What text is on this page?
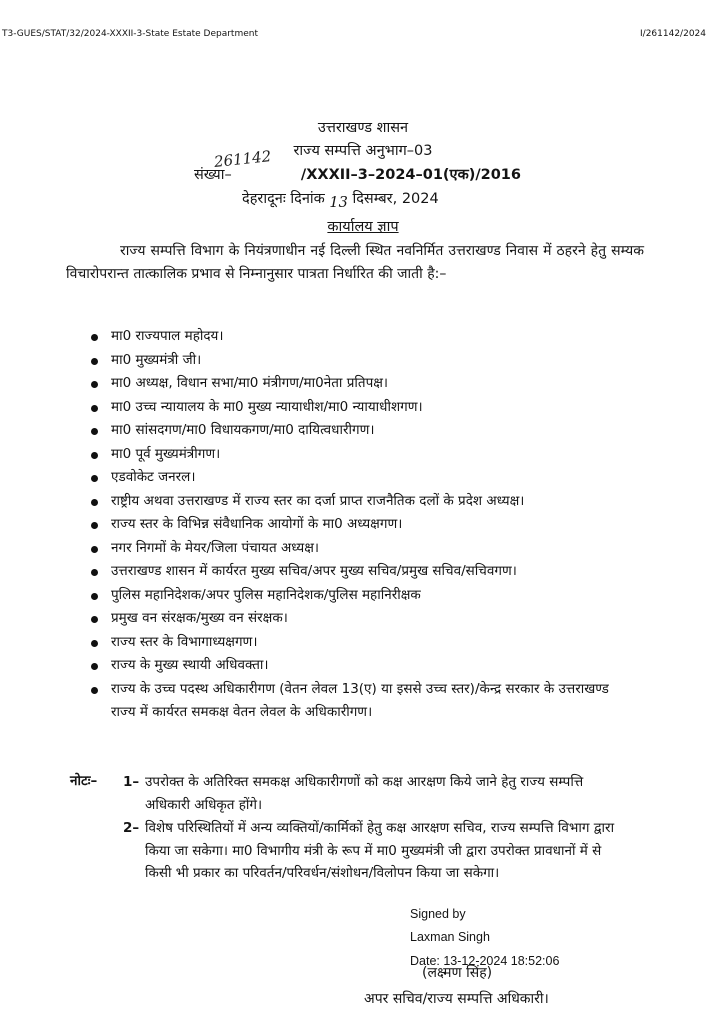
T3-GUES/STAT/32/2024-XXXII-3-State Estate Department	I/261142/2024
उत्तराखण्ड शासन
राज्य सम्पत्ति अनुभाग–03
संख्या–	/XXXII–3–2024–01(एक)/2016
261142
देहरादूनः दिनांक 13 दिसम्बर, 2024
कार्यालय ज्ञाप
राज्य सम्पत्ति विभाग के नियंत्रणाधीन नई दिल्ली स्थित नवनिर्मित उत्तराखण्ड निवास में ठहरने हेतु सम्यक विचारोपरान्त तात्कालिक प्रभाव से निम्नानुसार पात्रता निर्धारित की जाती है:–
मा0 राज्यपाल महोदय।
मा0 मुख्यमंत्री जी।
मा0 अध्यक्ष, विधान सभा/मा0 मंत्रीगण/मा0नेता प्रतिपक्ष।
मा0 उच्च न्यायालय के मा0 मुख्य न्यायाधीश/मा0 न्यायाधीशगण।
मा0 सांसदगण/मा0 विधायकगण/मा0 दायित्वधारीगण।
मा0 पूर्व मुख्यमंत्रीगण।
एडवोकेट जनरल।
राष्ट्रीय अथवा उत्तराखण्ड में राज्य स्तर का दर्जा प्राप्त राजनैतिक दलों के प्रदेश अध्यक्ष।
राज्य स्तर के विभिन्न संवैधानिक आयोगों के मा0 अध्यक्षगण।
नगर निगमों के मेयर/जिला पंचायत अध्यक्ष।
उत्तराखण्ड शासन में कार्यरत मुख्य सचिव/अपर मुख्य सचिव/प्रमुख सचिव/सचिवगण।
पुलिस महानिदेशक/अपर पुलिस महानिदेशक/पुलिस महानिरीक्षक
प्रमुख वन संरक्षक/मुख्य वन संरक्षक।
राज्य स्तर के विभागाध्यक्षगण।
राज्य के मुख्य स्थायी अधिवक्ता।
राज्य के उच्च पदस्थ अधिकारीगण (वेतन लेवल 13(ए) या इससे उच्च स्तर)/केन्द्र सरकार के उत्तराखण्ड राज्य में कार्यरत समकक्ष वेतन लेवल के अधिकारीगण।
नोटः– 1– उपरोक्त के अतिरिक्त समकक्ष अधिकारीगणों को कक्ष आरक्षण किये जाने हेतु राज्य सम्पत्ति अधिकारी अधिकृत होंगे।
2– विशेष परिस्थितियों में अन्य व्यक्तियों/कार्मिकों हेतु कक्ष आरक्षण सचिव, राज्य सम्पत्ति विभाग द्वारा किया जा सकेगा। मा0 विभागीय मंत्री के रूप में मा0 मुख्यमंत्री जी द्वारा उपरोक्त प्रावधानों में से किसी भी प्रकार का परिवर्तन/परिवर्धन/संशोधन/विलोपन किया जा सकेगा।
Signed by
Laxman Singh
Date: 13-12-2024 18:52:06
(लक्ष्मण सिंह)
अपर सचिव/राज्य सम्पत्ति अधिकारी।
